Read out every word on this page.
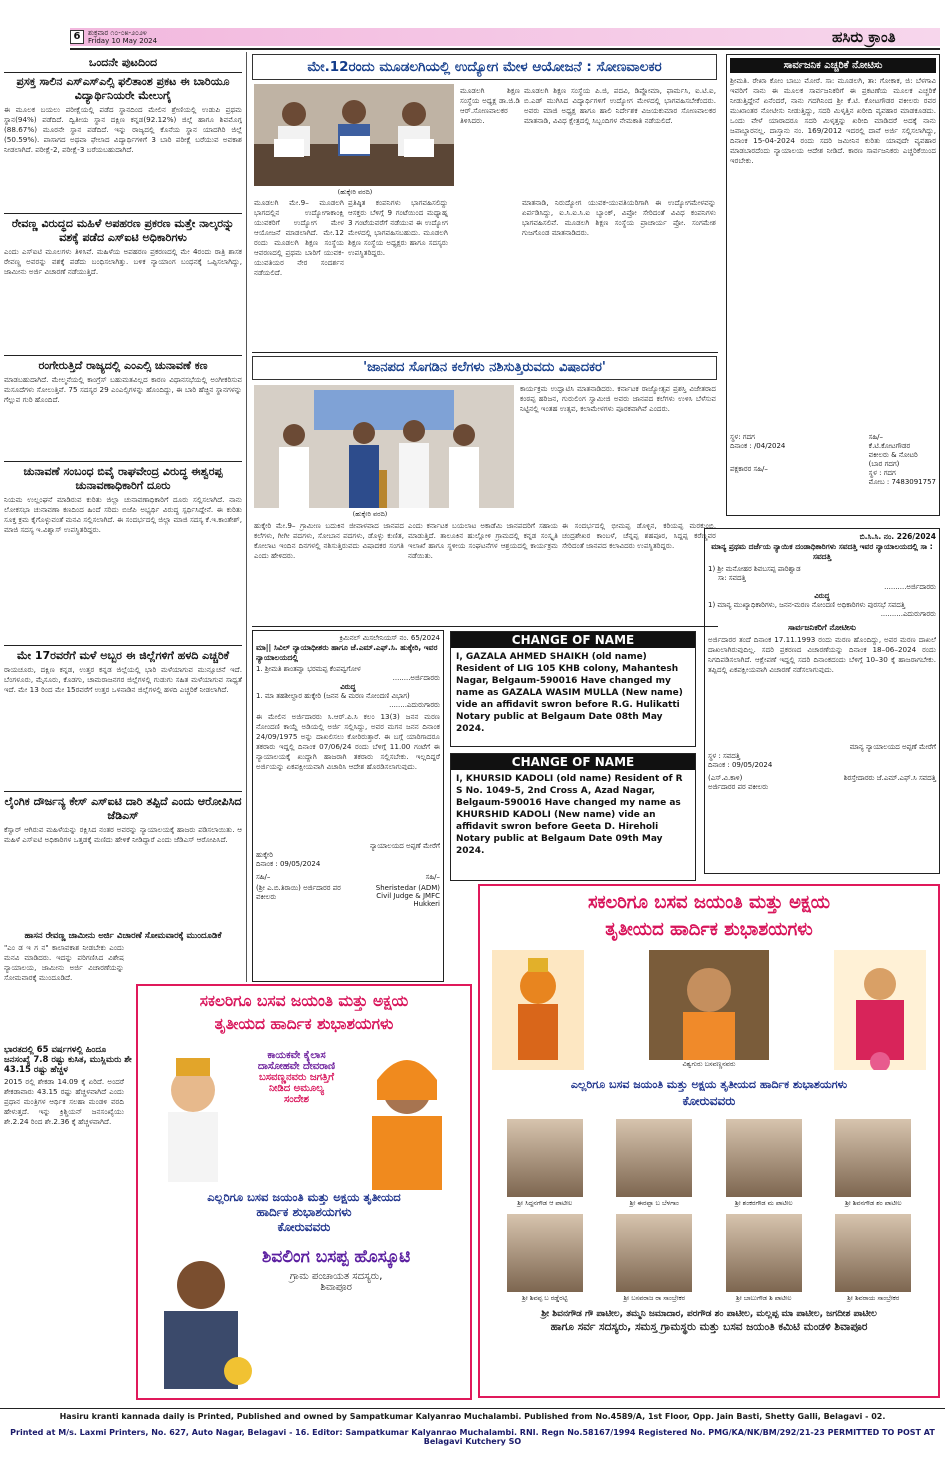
6	ಶುಕ್ರವಾರ ೧೦-೦೫-೨೦೨೪
Friday 10 May 2024	ಹಸಿರು ಕ್ರಾಂತಿ
ಒಂದನೇ ಪುಟದಿಂದ
ಪ್ರಸಕ್ತ ಸಾಲಿನ ಎಸ್ಎಸ್ಎಲ್ಸಿ ಫಲಿತಾಂಶ ಪ್ರಕಟ ಈ ಬಾರಿಯೂ ವಿದ್ಯಾರ್ಥಿನಿಯರೇ ಮೇಲುಗೈ
ಈ ಮೂಲಕ ಬಯಲು ಪರೀಕ್ಷೆಯಲ್ಲಿ ಪಡೆದ ಸ್ಥಾನದಿಂದ ಮೇಲಿನ ಶ್ರೇಣಿಯಲ್ಲಿ ಉಡುಪಿ ಪ್ರಥಮ ಸ್ಥಾನ(94%) ಪಡೆದಿದೆ. ದ್ವಿತೀಯ ಸ್ಥಾನ ದಕ್ಷಿಣ ಕನ್ನಡ(92.12%) ಜಿಲ್ಲೆ ಹಾಗೂ ಶಿವಮೊಗ್ಗ (88.67%) ಮೂರನೇ ಸ್ಥಾನ ಪಡೆದಿದೆ. ಇನ್ನು ರಾಜ್ಯದಲ್ಲಿ ಕೊನೆಯ ಸ್ಥಾನ ಯಾದಗಿರಿ ಜಿಲ್ಲೆ (50.59%). ಪಾಸಾಗದ ಅಥವಾ ಫೇಲಾದ ವಿದ್ಯಾರ್ಥಿಗಳಿಗೆ 3 ಬಾರಿ ಪರೀಕ್ಷೆ ಬರೆಯುವ ಅವಕಾಶ ನೀಡಲಾಗಿದೆ. ಪರೀಕ್ಷೆ-2, ಪರೀಕ್ಷೆ-3 ಬರೆಯಬಹುದಾಗಿದೆ.
ರೇವಣ್ಣ ವಿರುದ್ಧದ ಮಹಿಳೆ ಅಪಹರಣ ಪ್ರಕರಣ ಮತ್ತೇ ನಾಲ್ಕರನ್ನು ವಶಕ್ಕೆ ಪಡೆದ ಎಸ್ಐಟಿ ಅಧಿಕಾರಿಗಳು
ಎಂದು ಎಸ್ಐಟಿ ಮೂಲಗಳು ತಿಳಿಸಿವೆ. ಮಹಿಳೆಯ ಅಪಹರಣ ಪ್ರಕರಣದಲ್ಲಿ ಮೇ 4ರಂದು ರಾತ್ರಿ ಶಾಸಕ ರೇವಣ್ಣ ಅವರನ್ನು ವಶಕ್ಕೆ ಪಡೆದು ಬಂಧಿಸಲಾಗಿತ್ತು. ಬಳಿಕ ನ್ಯಾಯಾಂಗ ಬಂಧನಕ್ಕೆ ಒಪ್ಪಿಸಲಾಗಿದ್ದು, ಜಾಮೀನು ಅರ್ಜಿ ವಿಚಾರಣೆ ನಡೆಯುತ್ತಿದೆ.
ರಂಗೇರುತ್ತಿದೆ ರಾಜ್ಯದಲ್ಲಿ ಎಂಎಲ್ಸಿ ಚುನಾವಣೆ ಕಣ
ಮಾಡಬಹುದಾಗಿದೆ. ಮೇಲ್ಮನೆಯಲ್ಲಿ ಕಾಂಗ್ರೆಸ್ ಬಹುಮತವಿಲ್ಲದ ಕಾರಣ ವಿಧಾನಸಭೆಯಲ್ಲಿ ಅಂಗೀಕರಿಸುವ ಮಸೂದೆಗಳು ಸೋಲುತ್ತಿವೆ. 75 ಸದಸ್ಯರ 29 ಎಂಎಲ್ಸಿಗಳನ್ನು ಹೊಂದಿದ್ದು, ಈ ಬಾರಿ ಹೆಚ್ಚಿನ ಸ್ಥಾನಗಳನ್ನು ಗೆಲ್ಲುವ ಗುರಿ ಹೊಂದಿದೆ.
ಚುನಾವಣೆ ಸಂಬಂಧ ಬಿವೈ ರಾಘವೇಂದ್ರ ವಿರುದ್ಧ ಈಶ್ವರಪ್ಪ ಚುನಾವಣಾಧಿಕಾರಿಗೆ ದೂರು
ನಿಯಮ ಉಲ್ಲಂಘನೆ ಮಾಡಿರುವ ಕುರಿತು ಜಿಲ್ಲಾ ಚುನಾವಣಾಧಿಕಾರಿಗೆ ದೂರು ಸಲ್ಲಿಸಲಾಗಿದೆ. ನಾನು ಲೋಕಸಭಾ ಚುನಾವಣಾ ಕಣದಿಂದ ಹಿಂದೆ ಸರಿದು ಬಿಜೆಪಿ ಅಭ್ಯರ್ಥಿ ವಿರುದ್ಧ ಸ್ಪರ್ಧಿಸಿದ್ದೇನೆ. ಈ ಕುರಿತು ಸೂಕ್ತ ಕ್ರಮ ಕೈಗೊಳ್ಳುವಂತೆ ಮನವಿ ಸಲ್ಲಿಸಲಾಗಿದೆ. ಈ ಸಂದರ್ಭದಲ್ಲಿ ಜಿಲ್ಲಾ ಮಾಜಿ ಸದಸ್ಯ ಕೆ.ಇ.ಕಾಂತೇಶ್, ಮಾಜಿ ಸದಸ್ಯ ಇ.ವಿಶ್ವಾಸ್ ಉಪಸ್ಥಿತರಿದ್ದರು.
ಮೇ 17ರವರೆಗೆ ಮಳೆ ಅಬ್ಬರ ಈ ಜಿಲ್ಲೆಗಳಿಗೆ ಹಳದಿ ಎಚ್ಚರಿಕೆ
ರಾಯಚೂರು, ದಕ್ಷಿಣ ಕನ್ನಡ, ಉತ್ತರ ಕನ್ನಡ ಜಿಲ್ಲೆಯಲ್ಲಿ ಭಾರಿ ಮಳೆಯಾಗುವ ಮುನ್ಸೂಚನೆ ಇದೆ. ಬೆಂಗಳೂರು, ಮೈಸೂರು, ಕೊಡಗು, ಚಾಮರಾಜನಗರ ಜಿಲ್ಲೆಗಳಲ್ಲಿ ಗುಡುಗು ಸಹಿತ ಮಳೆಯಾಗುವ ಸಾಧ್ಯತೆ ಇದೆ. ಮೇ 13 ರಿಂದ ಮೇ 15ರವರೆಗೆ ಉತ್ತರ ಒಳನಾಡಿನ ಜಿಲ್ಲೆಗಳಲ್ಲಿ ಹಳದಿ ಎಚ್ಚರಿಕೆ ನೀಡಲಾಗಿದೆ.
ಲೈಂಗಿಕ ದೌರ್ಜನ್ಯ ಕೇಸ್ ಎಸ್ಐಟಿ ದಾರಿ ತಪ್ಪಿದೆ ಎಂದು ಆರೋಪಿಸಿದ ಜೆಡಿಎಸ್
ಕೆಸ್ವಾರ್ ಆಗಿರುವ ಮಹಿಳೆಯನ್ನು ರಕ್ಷಿಸಿದ ನಂತರ ಅವರನ್ನು ನ್ಯಾಯಾಲಯಕ್ಕೆ ಹಾಜರು ಪಡಿಸಲಾಯಿತು. ಆ ಮಹಿಳೆ ಎಸ್ಐಟಿ ಅಧಿಕಾರಿಗಳ ಒತ್ತಡಕ್ಕೆ ಮಣಿದು ಹೇಳಿಕೆ ನೀಡಿದ್ದಾರೆ ಎಂದು ಜೆಡಿಎಸ್ ಆರೋಪಿಸಿದೆ.
ಹಾಸನ ರೇವಣ್ಣ ಜಾಮೀನು ಅರ್ಜಿ ವಿಚಾರಣೆ ಸೋಮವಾರಕ್ಕೆ ಮುಂದೂಡಿಕೆ
"ಎಂ ಡ ಇ ಗ ನ" ಕಾಲಾವಕಾಶ ನೀಡಬೇಕು ಎಂದು ಮನವಿ ಮಾಡಿದರು. ಇದನ್ನು ಪರಿಗಣಿಸಿದ ವಿಶೇಷ ನ್ಯಾಯಾಲಯ, ಜಾಮೀನು ಅರ್ಜಿ ವಿಚಾರಣೆಯನ್ನು ಸೋಮವಾರಕ್ಕೆ ಮುಂದೂಡಿದೆ.
ಭಾರತದಲ್ಲಿ 65 ವರ್ಷಗಳಲ್ಲಿ ಹಿಂದೂ ಜನಸಂಖ್ಯೆ 7.8 ರಷ್ಟು ಕುಸಿತ, ಮುಸ್ಲಿಮರು ಶೇ 43.15 ರಷ್ಟು ಹೆಚ್ಚಳ
2015 ರಲ್ಲಿ ಶೇಕಡಾ 14.09 ಕ್ಕೆ ಏರಿದೆ. ಅಂದರೆ ಶೇಕಡಾವಾರು 43.15 ರಷ್ಟು ಹೆಚ್ಚಳವಾಗಿದೆ ಎಂದು ಪ್ರಧಾನ ಮಂತ್ರಿಗಳ ಆರ್ಥಿಕ ಸಲಹಾ ಮಂಡಳಿ ವರದಿ ಹೇಳುತ್ತದೆ. ಇನ್ನು ಕ್ರಿಶ್ಚಿಯನ್ ಜನಸಂಖ್ಯೆಯು ಶೇ.2.24 ರಿಂದ ಶೇ.2.36 ಕ್ಕೆ ಹೆಚ್ಚಳವಾಗಿದೆ.
ಮೇ.12ರಂದು ಮೂಡಲಗಿಯಲ್ಲಿ ಉದ್ಯೋಗ ಮೇಳ ಆಯೋಜನೆ : ಸೋಣವಾಲಕರ
(ಹುಕ್ಕೇರಿ ವರದಿ)
ಮೂಡಲಗಿ ಶಿಕ್ಷಣ ಸಂಸ್ಥೆಯ ಅಧ್ಯಕ್ಷ ಡಾ.ಜಿ.ಡಿ ಆರ್.ಸೋಣವಾಲಕರ ತಿಳಿಸಿದರು.
ಮೂಡಲಗಿ ಶಿಕ್ಷಣ ಸಂಸ್ಥೆಯ ಪಿ.ಜಿ, ಪದವಿ, ಡಿಪ್ಲೋಮಾ, ಫಾರ್ಮಸಿ, ಐ.ಟಿ.ಐ, ಬಿ.ಎಡ್ ಮುಗಿಸಿದ ವಿದ್ಯಾರ್ಥಿಗಳಿಗೆ ಉದ್ಯೋಗ ಮೇಳದಲ್ಲಿ ಭಾಗವಹಿಸಬೇಕೆಂದರು. ಅವರು ಮಾಜಿ ಅಧ್ಯಕ್ಷ ಹಾಗೂ ಹಾಲಿ ನಿರ್ದೇಶಕ ವಿಜಯಕುಮಾರ ಸೋಣವಾಲಕರ ಮಾತನಾಡಿ, ವಿವಿಧ ಕ್ಷೇತ್ರದಲ್ಲಿ ಸಿಬ್ಬಂದಿಗಳ ನೇಮಕಾತಿ ನಡೆಯಲಿದೆ.
ಮೂಡಲಗಿ ಮೇ.9– ಮೂಡಲಗಿ ಭಾಗದಲ್ಲಿನ ಉದ್ಯೋಗಾಕಾಂಕ್ಷಿ ಯುವಕರಿಗೆ ಉದ್ಯೋಗ ಮೇಳ ಆಯೋಜನೆ ಮಾಡಲಾಗಿದೆ. ಮೇ.12 ರಂದು ಮೂಡಲಗಿ ಶಿಕ್ಷಣ ಸಂಸ್ಥೆಯ ಆವರಣದಲ್ಲಿ ಪ್ರಥಮ ಬಾರಿಗೆ ಯುವಕ-ಯುವತಿಯರ ನೇರ ಸಂದರ್ಶನ ನಡೆಯಲಿದೆ.
ಪ್ರತಿಷ್ಠಿತ ಕಂಪನಿಗಳು ಭಾಗವಹಿಸಲಿದ್ದು ಆಸಕ್ತರು ಬೆಳಿಗ್ಗೆ 9 ಗಂಟೆಯಿಂದ ಮಧ್ಯಾಹ್ನ 3 ಗಂಟೆಯವರೆಗೆ ನಡೆಯುವ ಈ ಉದ್ಯೋಗ ಮೇಳದಲ್ಲಿ ಭಾಗವಹಿಸಬಹುದು. ಮೂಡಲಗಿ ಶಿಕ್ಷಣ ಸಂಸ್ಥೆಯ ಅಧ್ಯಕ್ಷರು ಹಾಗೂ ಸದಸ್ಯರು ಉಪಸ್ಥಿತರಿದ್ದರು.
ಮಾತನಾಡಿ, ನಿರುದ್ಯೋಗ ಯುವಕ-ಯುವತಿಯರಿಗಾಗಿ ಈ ಉದ್ಯೋಗಮೇಳವನ್ನು ಏರ್ಪಡಿಸಿದ್ದು, ಐ.ಸಿ.ಐ.ಸಿ.ಐ ಬ್ಯಾಂಕ್, ವಿಪ್ರೋ ಸೇರಿದಂತೆ ವಿವಿಧ ಕಂಪನಿಗಳು ಭಾಗವಹಿಸಲಿವೆ. ಮೂಡಲಗಿ ಶಿಕ್ಷಣ ಸಂಸ್ಥೆಯ ಪ್ರಾಚಾರ್ಯ ಪ್ರೋ. ಸಂಗಮೇಶ ಗುಜಗೊಂಡ ಮಾತನಾಡಿದರು.
'ಜಾನಪದ ಸೊಗಡಿನ ಕಲೆಗಳು ನಶಿಸುತ್ತಿರುವದು ವಿಷಾದಕರ'
(ಹುಕ್ಕೇರಿ ವರದಿ)
ಕಾರ್ಯಕ್ರಮ ಉದ್ಘಾಟಿಸಿ ಮಾತನಾಡಿದರು. ಕರ್ನಾಟಕ ರಾಜ್ಯೋತ್ಸವ ಪ್ರಶಸ್ತಿ ವಿಜೇತರಾದ ಕಂಠಪ್ಪ ಹರಿಜನ, ಗುರುಲಿಂಗ ಸ್ವಾಮೀಜಿ ಅವರು ಜಾನಪದ ಕಲೆಗಳು ಉಳಿಸಿ ಬೆಳೆಸುವ ನಿಟ್ಟಿನಲ್ಲಿ ಇಂತಹ ಉತ್ಸವ, ಕಲಾಮೇಳಗಳು ಪೂರಕವಾಗಿವೆ ಎಂದರು.
ಹುಕ್ಕೇರಿ ಮೇ.9– ಗ್ರಾಮೀಣ ಬದುಕಿನ ಜೀವಾಳವಾದ ಜಾನಪದ ಕಲೆಗಳು, ಗೀಗೀ ಪದಗಳು, ಸೋಬಾನ ಪದಗಳು, ಡೊಳ್ಳು ಕುಣಿತ, ಕೋಲಾಟ ಇಂದಿನ ದಿನಗಳಲ್ಲಿ ನಶಿಸುತ್ತಿರುವದು ವಿಷಾದಕರ ಸಂಗತಿ ಎಂದು ಹೇಳಿದರು.
ಎಂದು ಕರ್ನಾಟಕ ಬಯಲಾಟ ಅಕಾಡೆಮಿ ಜಾನಪದರಿಗೆ ಸಹಾಯ ಮಾಡುತ್ತಿದೆ. ತಾಲೂಕಿನ ಹುಲ್ಲೋಳಿ ಗ್ರಾಮದಲ್ಲಿ ಕನ್ನಡ ಸಂಸ್ಕೃತಿ ಇಲಾಖೆ ಹಾಗೂ ಸ್ಥಳೀಯ ಸಂಘಟನೆಗಳ ಆಶ್ರಯದಲ್ಲಿ ಕಾರ್ಯಕ್ರಮ ನಡೆಯಿತು.
ಈ ಸಂದರ್ಭದಲ್ಲಿ ಭೀಮಪ್ಪ ಡೊಳ್ಳಿನ, ಕರಿಯಪ್ಪ ಮರಕುಂಬಿ, ಚಂದ್ರಶೇಖರ ಕಾಂಬಳೆ, ಚೆನ್ನಪ್ಪ ಶಹಪೂರ, ಸಿದ್ದಪ್ಪ ಕರೆಣ್ಣವರ ಸೇರಿದಂತೆ ಜಾನಪದ ಕಲಾವಿದರು ಉಪಸ್ಥಿತರಿದ್ದರು.
ಕ್ರಿಮಿನಲ್ ಮಿಸಲೇನಿಯಸ್ ನಂ. 65/2024
ಮಾ|| ಸಿವಿಲ್ ನ್ಯಾಯಾಧೀಶರು ಹಾಗೂ ಜೆ.ಎಮ್.ಎಫ್.ಸಿ. ಹುಕ್ಕೇರಿ, ಇವರ ನ್ಯಾಯಾಲಯದಲ್ಲಿ
1. ಶ್ರೀಮತಿ ಶಾಂತವ್ವಾ ಭರಮಪ್ಪ ಕೆಂಪವ್ವಗೋಳ
........ಅರ್ಜಿದಾರರು
ವಿರುದ್ಧ
1. ಮಾ ತಹಶೀಲ್ದಾರ ಹುಕ್ಕೇರಿ (ಜನನ & ಮರಣ ನೋಂದಣಿ ವಿಭಾಗ)
........ಎದುರುಗಾರರು
ಈ ಮೇಲಿನ ಅರ್ಜಿದಾರರು ಸಿ.ಆರ್.ಪಿ.ಸಿ ಕಲಂ 13(3) ಜನನ ಮರಣ ನೋಂದಣಿ ಕಾಯ್ದೆ ಅಡಿಯಲ್ಲಿ ಅರ್ಜಿ ಸಲ್ಲಿಸಿದ್ದು, ಅವರ ಮಗನ ಜನನ ದಿನಾಂಕ 24/09/1975 ಅನ್ನು ದಾಖಲಿಸಲು ಕೋರಿರುತ್ತಾರೆ. ಈ ಬಗ್ಗೆ ಯಾರಿಗಾದರೂ ತಕರಾರು ಇದ್ದಲ್ಲಿ ದಿನಾಂಕ 07/06/24 ರಂದು ಬೆಳಿಗ್ಗೆ 11.00 ಗಂಟೆಗೆ ಈ ನ್ಯಾಯಾಲಯಕ್ಕೆ ಖುದ್ದಾಗಿ ಹಾಜರಾಗಿ ತಕರಾರು ಸಲ್ಲಿಸಬೇಕು. ಇಲ್ಲದಿದ್ದರೆ ಅರ್ಜಿಯನ್ನು ಏಕಪಕ್ಷೀಯವಾಗಿ ವಿಚಾರಿಸಿ ಆದೇಶ ಹೊರಡಿಸಲಾಗುವುದು.
ನ್ಯಾಯಾಲಯದ ಅಪ್ಪಣೆ ಮೇರೆಗೆ
ಹುಕ್ಕೇರಿ
ದಿನಾಂಕ : 09/05/2024
ಸಹಿ/–	ಸಹಿ/–
(ಶ್ರೀ ಎ.ಬಿ.ತಿರಾಯಿ) ಅರ್ಜಿದಾರರ ಪರ ವಕೀಲರು
Sheristedar (ADM)
Civil Judge & JMFC
Hukkeri
CHANGE OF NAME
I, GAZALA AHMED SHAIKH (old name) Resident of LIG 105 KHB colony, Mahantesh Nagar, Belgaum-590016 Have changed my name as GAZALA WASIM MULLA (New name) vide an affidavit swron before R.G. Hulikatti Notary public at Belgaum Date 08th May 2024.
CHANGE OF NAME
I, KHURSID KADOLI (old name) Resident of R S No. 1049-5, 2nd Cross A, Azad Nagar, Belgaum-590016 Have changed my name as KHURSHID KADOLI (New name) vide an affidavit swron before Geeta D. Hireholi Notary public at Belgaum Date 09th May 2024.
ಸಾರ್ವಜನಿಕ ಎಚ್ಚರಿಕೆ ನೋಟಿಸು
ಶ್ರೀಮತಿ. ರೇಖಾ ಕೋಂ ಬಾಬು ಮೋರೆ. ಸಾ: ಮೂಡಲಗಿ, ತಾ: ಗೋಕಾಕ, ಜಿ: ಬೆಳಗಾವಿ ಇವರಿಗೆ ನಾನು ಈ ಮೂಲಕ ಸಾರ್ವಜನಿಕರಿಗೆ ಈ ಪ್ರಕಟಣೆಯ ಮೂಲಕ ಎಚ್ಚರಿಕೆ ನೀಡುತ್ತಿದ್ದೇನೆ ಏನೆಂದರೆ, ನಾನು ಗದಗಿನಿಂದ ಶ್ರೀ ಕೆ.ಟಿ. ಕೋಟಗೌಡರ ವಕೀಲರು ರವರ ಮುಖಾಂತರ ನೋಟೀಸು ನೀಡುತ್ತಿದ್ದು, ಸದರಿ ಮಿಳ್ಕತ್ತಿನ ಖರೀದಿ ವ್ಯವಹಾರ ಮಾಡಕೂಡದು. ಒಂದು ವೇಳೆ ಯಾರಾದರೂ ಸದರಿ ಮಿಳ್ಕತ್ತನ್ನು ಖರೀದಿ ಮಾಡಿದರೆ ಅದಕ್ಕೆ ನಾನು ಜವಾಬ್ದಾರನಲ್ಲ. ದಾಸ್ತಾನು ನಂ. 169/2012 ಇದರಲ್ಲಿ ದಾವೆ ಅರ್ಜಿ ಸಲ್ಲಿಸಲಾಗಿದ್ದು, ದಿನಾಂಕ 15-04-2024 ರಂದು ಸದರಿ ಜಮೀನಿನ ಕುರಿತು ಯಾವುದೇ ವ್ಯವಹಾರ ಮಾಡಬಾರದೆಂದು ನ್ಯಾಯಾಲಯ ಆದೇಶ ನೀಡಿದೆ. ಕಾರಣ ಸಾರ್ವಜನಿಕರು ಎಚ್ಚರಿಕೆಯಿಂದ ಇರಬೇಕು.
ಸ್ಥಳ: ಗದಗ
ದಿನಾಂಕ : /04/2024
ಪಕ್ಷಕಾರರ ಸಹಿ/–
ಸಹಿ/–
ಕೆ.ಟಿ.ಕೋಟಗೌಡರ
ವಕೀಲರು & ನೋಟರಿ
(ಬಾರ ಗದಗ)
ಸ್ಥಳ : ಗದಗ
ಮೋಬ : 7483091757
ಬಿ.ಸಿ.ಸಿ. ನಂ. 226/2024
ಮಾನ್ಯ ಪ್ರಥಮ ದರ್ಜೆಯ ನ್ಯಾಯಿಕ ದಂಡಾಧಿಕಾರಿಗಳು ಸವದತ್ತಿ ಇವರ ನ್ಯಾಯಾಲಯದಲ್ಲಿ ಸಾ : ಸವದತ್ತಿ
1) ಶ್ರೀ ಮನೋಹರ ಶಿವಬಸಪ್ಪ ಪಾರಿಶ್ವಾಡ
ಸಾ: ಸವದತ್ತಿ
..........ಅರ್ಜಿದಾರರು
ವಿರುದ್ಧ
1) ಮಾನ್ಯ ಮುಖ್ಯಾಧಿಕಾರಿಗಳು, ಜನನ-ಮರಣ ನೋಂದಣಿ ಅಧಿಕಾರಿಗಳು ಪುರಸಭೆ ಸವದತ್ತಿ
..........ಎದುರುಗಾರರು
ಸಾರ್ವಜನಿಕರಿಗೆ ನೋಟೀಸು
ಅರ್ಜಿದಾರರ ತಂದೆ ದಿನಾಂಕ 17.11.1993 ರಂದು ಮರಣ ಹೊಂದಿದ್ದು, ಅವರ ಮರಣ ದಾಖಲೆ ದಾಖಲಾಗಿರುವುದಿಲ್ಲ. ಸದರಿ ಪ್ರಕರಣದ ವಿಚಾರಣೆಯನ್ನು ದಿನಾಂಕ 18–06–2024 ರಂದು ನಿಗದಿಪಡಿಸಲಾಗಿದೆ. ಆಕ್ಷೇಪಣೆ ಇದ್ದಲ್ಲಿ ಸದರಿ ದಿನಾಂಕದಂದು ಬೆಳಿಗ್ಗೆ 10–30 ಕ್ಕೆ ಹಾಜರಾಗಬೇಕು. ತಪ್ಪಿದಲ್ಲಿ ಏಕಪಕ್ಷೀಯವಾಗಿ ವಿಚಾರಣೆ ನಡೆಸಲಾಗುವುದು.
ಮಾನ್ಯ ನ್ಯಾಯಾಲಯದ ಅಪ್ಪಣೆ ಮೇರೆಗೆ
ಸ್ಥಳ : ಸವದತ್ತಿ
ದಿನಾಂಕ : 09/05/2024
(ಎಸ್.ವಿ.ಕಾಳಿ)
ಅರ್ಜಿದಾರರ ಪರ ವಕೀಲರು
ಶಿರಸ್ತೇದಾರರು ಜೆ.ಎಮ್.ಎಫ್.ಸಿ ಸವದತ್ತಿ
ಸಕಲರಿಗೂ ಬಸವ ಜಯಂತಿ ಮತ್ತು ಅಕ್ಷಯ
ತೃತೀಯದ ಹಾರ್ದಿಕ ಶುಭಾಶಯಗಳು
ವಿಶ್ವಗುರು ಬಸವಣ್ಣನವರು
ಎಲ್ಲರಿಗೂ ಬಸವ ಜಯಂತಿ ಮತ್ತು ಅಕ್ಷಯ ತೃತೀಯದ ಹಾರ್ದಿಕ ಶುಭಾಶಯಗಳು
ಕೋರುವವರು
ಶ್ರೀ ಸಿದ್ದನಗೌಡ ಆ ಪಾಟೀಲ	ಶ್ರೀ ಈರಪ್ಪಾ ಬ ಬೆಳಗಾಂ	ಶ್ರೀ ಶಂಕರಗೌಡ ಮ ಪಾಟೀಲ	ಶ್ರೀ ಶಿವನಗೌಡ ಶಂ ಪಾಟೀಲ
ಶ್ರೀ ಶಿವಪ್ಪ ಬ ರಡ್ಡೆರಟ್ಟಿ	ಶ್ರೀ ಬಸವರಾಜ ರಾ ಸಾಂಬ್ರೇಕರ	ಶ್ರೀ ಬಾಬುಗೌಡ ಶಿ ಪಾಟೀಲ	ಶ್ರೀ ಶಿವರಾಯ ಸಾಂಬ್ರೇಕರ
ಶ್ರೀ ಶಿವನಗೌಡ ಗೌ ಪಾಟೀಲ, ತಮ್ಮನಿ ಜಮಾದಾರ, ಪರಗೌಡ ಶಂ ಪಾಟೀಲ, ಮಲ್ಲಪ್ಪ ಮಾ ಪಾಟೀಲ, ಜಗದೀಶ ಪಾಟೀಲ
ಹಾಗೂ ಸರ್ವ ಸದಸ್ಯರು, ಸಮಸ್ತ ಗ್ರಾಮಸ್ಥರು ಮತ್ತು ಬಸವ ಜಯಂತಿ ಕಮಿಟಿ ಮಂಡಳಿ ಶಿವಾಪೂರ
ಸಕಲರಿಗೂ ಬಸವ ಜಯಂತಿ ಮತ್ತು ಅಕ್ಷಯ
ತೃತೀಯದ ಹಾರ್ದಿಕ ಶುಭಾಶಯಗಳು
ಕಾಯಕವೇ ಕೈಲಾಸ
ದಾಸೋಹವೇ ದೇವರಾಣಿ
ಬಸವಣ್ಣನವರು ಜಗತ್ತಿಗೆ
ನೀಡಿದ ಅಮೂಲ್ಯ
ಸಂದೇಶ
ಎಲ್ಲರಿಗೂ ಬಸವ ಜಯಂತಿ ಮತ್ತು ಅಕ್ಷಯ ತೃತೀಯದ
ಹಾರ್ದಿಕ ಶುಭಾಶಯಗಳು
ಕೋರುವವರು
ಶಿವಲಿಂಗ ಬಸಪ್ಪ ಹೊಸ್ಕೂಟಿ
ಗ್ರಾಮ ಪಂಚಾಯತ ಸದಸ್ಯರು,
ಶಿವಾಪೂರ
Hasiru kranti kannada daily is Printed, Published and owned by Sampatkumar Kalyanrao Muchalambi. Published from No.4589/A, 1st Floor, Opp. Jain Basti, Shetty Galli, Belagavi - 02.
Printed at M/s. Laxmi Printers, No. 627, Auto Nagar, Belagavi - 16. Editor: Sampatkumar Kalyanrao Muchalambi. RNI. Regn No.58167/1994 Registered No. PMG/KA/NK/BM/292/21-23 PERMITTED TO POST AT Belagavi Kutchery SO
